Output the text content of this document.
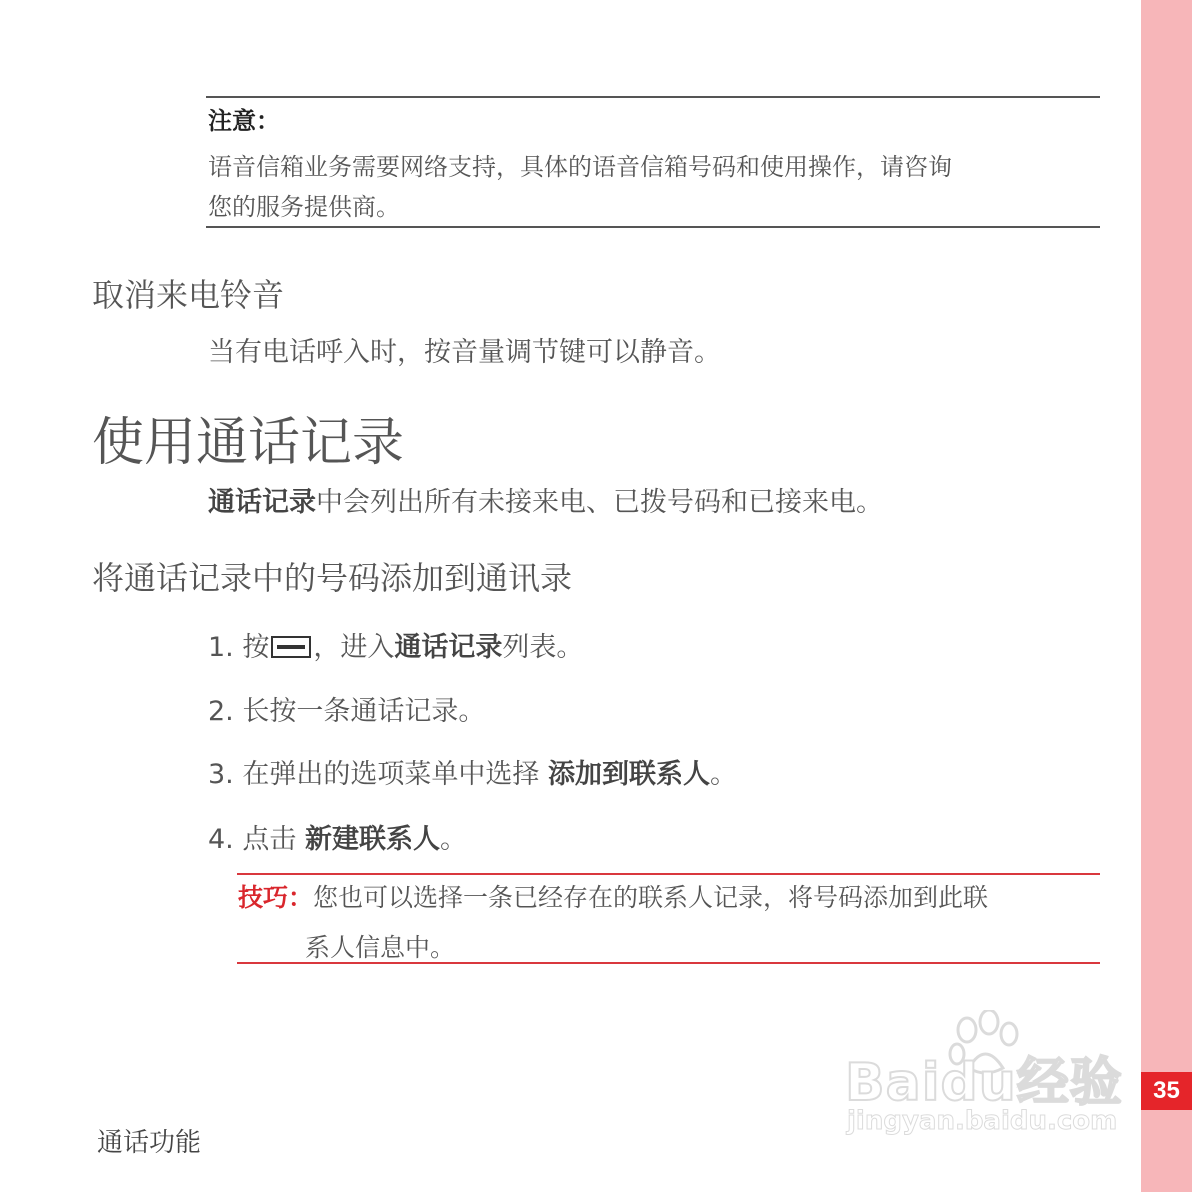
35
注意：
语音信箱业务需要网络支持，具体的语音信箱号码和使用操作，请咨询
您的服务提供商。
取消来电铃音
当有电话呼入时，按音量调节键可以静音。
使用通话记录
通话记录中会列出所有未接来电、已拨号码和已接来电。
将通话记录中的号码添加到通讯录
1. 按 ，进入通话记录列表。
2. 长按一条通话记录。
3. 在弹出的选项菜单中选择 添加到联系人。
4. 点击 新建联系人。
技巧：您也可以选择一条已经存在的联系人记录，将号码添加到此联
系人信息中。
通话功能
Baidu经验
jingyan.baidu.com
